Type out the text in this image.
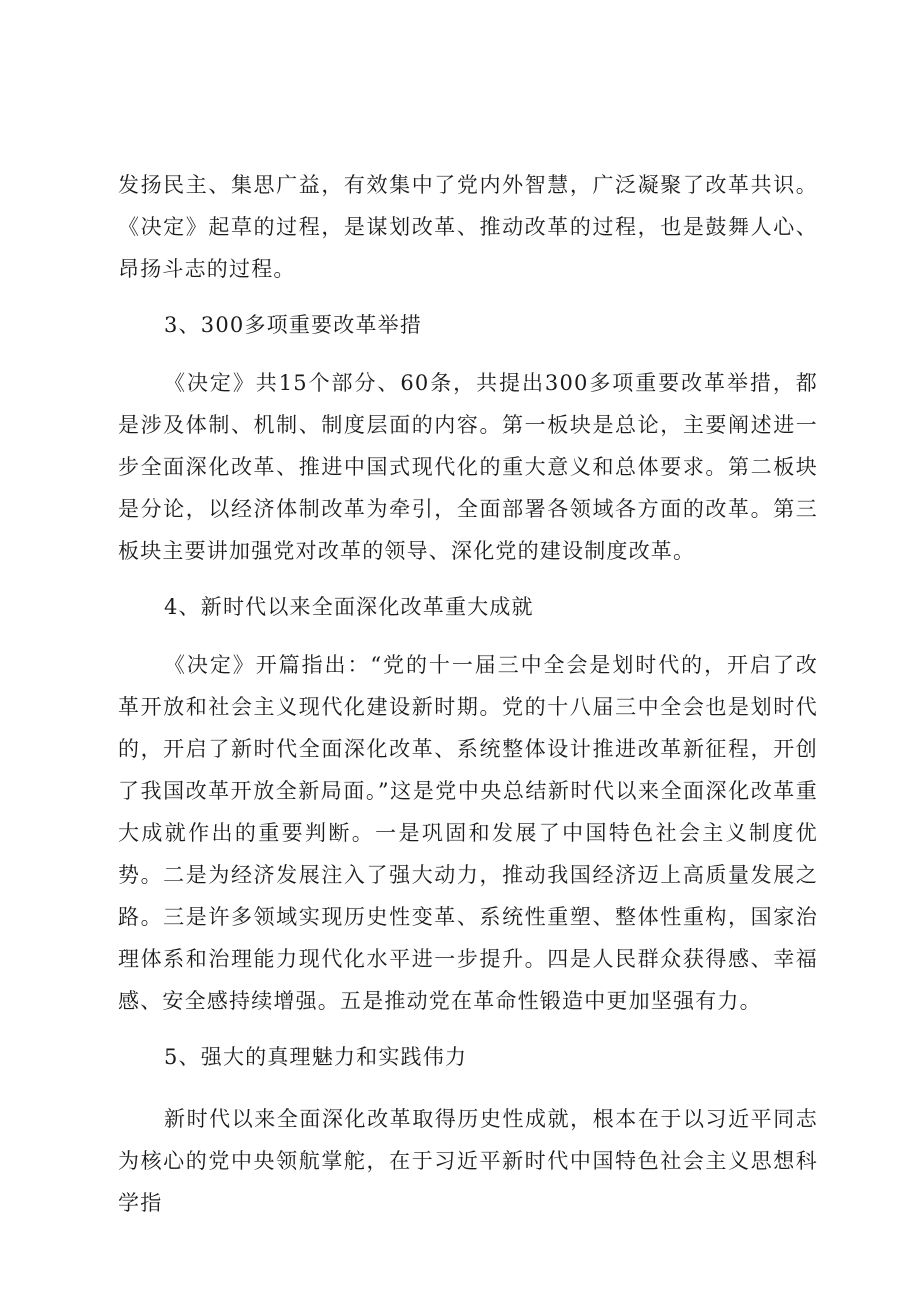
发扬民主、集思广益，有效集中了党内外智慧，广泛凝聚了改革共识。《决定》起草的过程，是谋划改革、推动改革的过程，也是鼓舞人心、昂扬斗志的过程。

3、300多项重要改革举措

《决定》共15个部分、60条，共提出300多项重要改革举措，都是涉及体制、机制、制度层面的内容。第一板块是总论，主要阐述进一步全面深化改革、推进中国式现代化的重大意义和总体要求。第二板块是分论，以经济体制改革为牵引，全面部署各领域各方面的改革。第三板块主要讲加强党对改革的领导、深化党的建设制度改革。

4、新时代以来全面深化改革重大成就

《决定》开篇指出：“党的十一届三中全会是划时代的，开启了改革开放和社会主义现代化建设新时期。党的十八届三中全会也是划时代的，开启了新时代全面深化改革、系统整体设计推进改革新征程，开创了我国改革开放全新局面。”这是党中央总结新时代以来全面深化改革重大成就作出的重要判断。一是巩固和发展了中国特色社会主义制度优势。二是为经济发展注入了强大动力，推动我国经济迈上高质量发展之路。三是许多领域实现历史性变革、系统性重塑、整体性重构，国家治理体系和治理能力现代化水平进一步提升。四是人民群众获得感、幸福感、安全感持续增强。五是推动党在革命性锻造中更加坚强有力。

5、强大的真理魅力和实践伟力

新时代以来全面深化改革取得历史性成就，根本在于以习近平同志为核心的党中央领航掌舵，在于习近平新时代中国特色社会主义思想科学指
